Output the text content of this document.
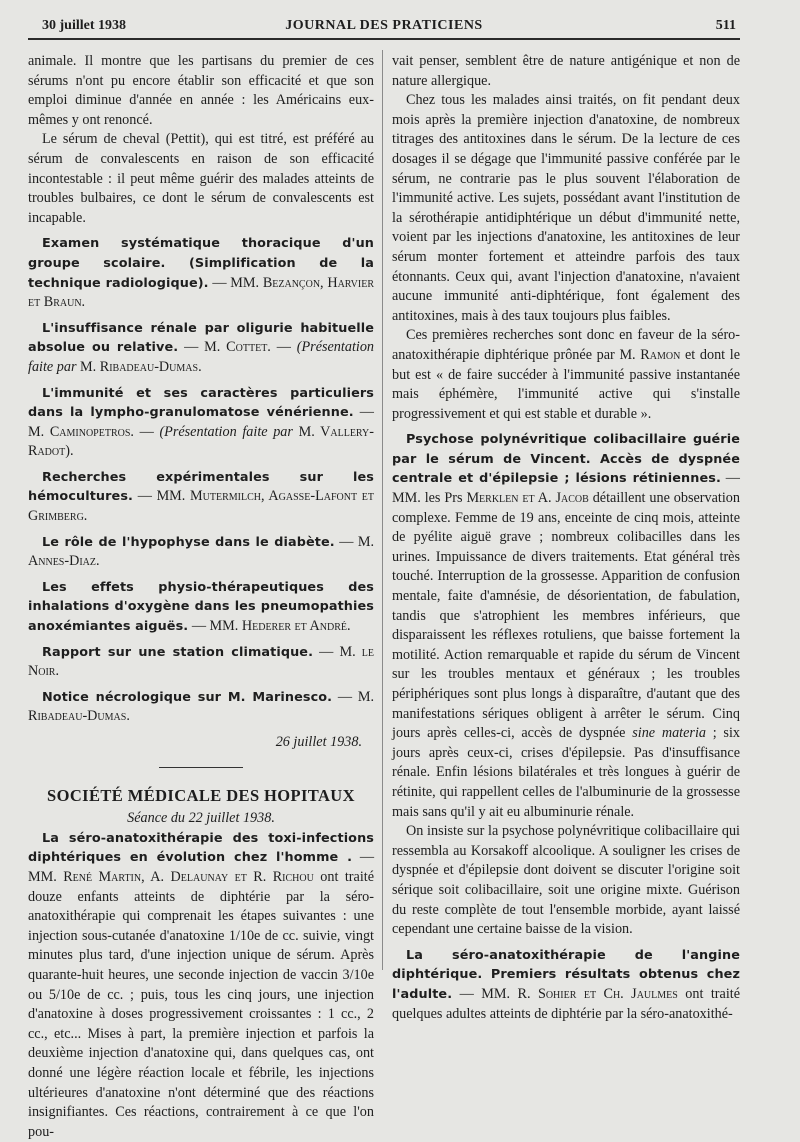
30 juillet 1938	JOURNAL DES PRATICIENS	511

animale. Il montre que les partisans du premier de ces sérums n'ont pu encore établir son efficacité et que son emploi diminue d'année en année : les Américains eux-mêmes y ont renoncé.

Le sérum de cheval (Pettit), qui est titré, est préféré au sérum de convalescents en raison de son efficacité incontestable : il peut même guérir des malades atteints de troubles bulbaires, ce dont le sérum de convalescents est incapable.

Examen systématique thoracique d'un groupe scolaire. (Simplification de la technique radiologique). — MM. Bezançon, Harvier et Braun.

L'insuffisance rénale par oligurie habituelle absolue ou relative. — M. Cottet. — (Présentation faite par M. Ribadeau-Dumas.

L'immunité et ses caractères particuliers dans la lympho-granulomatose vénérienne. — M. Caminopetros. — (Présentation faite par M. Vallery-Radot).

Recherches expérimentales sur les hémocultures. — MM. Mutermilch, Agasse-Lafont et Grimberg.

Le rôle de l'hypophyse dans le diabète. — M. Annes-Diaz.

Les effets physio-thérapeutiques des inhalations d'oxygène dans les pneumopathies anoxémiantes aiguës. — MM. Hederer et André.

Rapport sur une station climatique. — M. le Noir.

Notice nécrologique sur M. Marinesco. — M. Ribadeau-Dumas.

26 juillet 1938.

SOCIÉTÉ MÉDICALE DES HOPITAUX
Séance du 22 juillet 1938.

La séro-anatoxithérapie des toxi-infections diphtériques en évolution chez l'homme . — MM. René Martin, A. Delaunay et R. Richou ont traité douze enfants atteints de diphtérie par la séro-anatoxithérapie qui comprenait les étapes suivantes : une injection sous-cutanée d'anatoxine 1/10e de cc. suivie, vingt minutes plus tard, d'une injection unique de sérum. Après quarante-huit heures, une seconde injection de vaccin 3/10e ou 5/10e de cc. ; puis, tous les cinq jours, une injection d'anatoxine à doses progressivement croissantes : 1 cc., 2 cc., etc... Mises à part, la première injection et parfois la deuxième injection d'anatoxine qui, dans quelques cas, ont donné une légère réaction locale et fébrile, les injections ultérieures d'anatoxine n'ont déterminé que des réactions insignifiantes. Ces réactions, contrairement à ce que l'on pou-

vait penser, semblent être de nature antigénique et non de nature allergique.

Chez tous les malades ainsi traités, on fit pendant deux mois après la première injection d'anatoxine, de nombreux titrages des antitoxines dans le sérum. De la lecture de ces dosages il se dégage que l'immunité passive conférée par le sérum, ne contrarie pas le plus souvent l'élaboration de l'immunité active. Les sujets, possédant avant l'institution de la sérothérapie antidiphtérique un début d'immunité nette, voient par les injections d'anatoxine, les antitoxines de leur sérum monter fortement et atteindre parfois des taux étonnants. Ceux qui, avant l'injection d'anatoxine, n'avaient aucune immunité anti-diphtérique, font également des antitoxines, mais à des taux toujours plus faibles.

Ces premières recherches sont donc en faveur de la séro-anatoxithérapie diphtérique prônée par M. Ramon et dont le but est « de faire succéder à l'immunité passive instantanée mais éphémère, l'immunité active qui s'installe progressivement et qui est stable et durable ».

Psychose polynévritique colibacillaire guérie par le sérum de Vincent. Accès de dyspnée centrale et d'épilepsie ; lésions rétiniennes. — MM. les Prs Merklen et A. Jacob détaillent une observation complexe. Femme de 19 ans, enceinte de cinq mois, atteinte de pyélite aiguë grave ; nombreux colibacilles dans les urines. Impuissance de divers traitements. Etat général très touché. Interruption de la grossesse. Apparition de confusion mentale, faite d'amnésie, de désorientation, de fabulation, tandis que s'atrophient les membres inférieurs, que disparaissent les réflexes rotuliens, que baisse fortement la motilité. Action remarquable et rapide du sérum de Vincent sur les troubles mentaux et généraux ; les troubles périphériques sont plus longs à disparaître, d'autant que des manifestations sériques obligent à arrêter le sérum. Cinq jours après celles-ci, accès de dyspnée sine materia ; six jours après ceux-ci, crises d'épilepsie. Pas d'insuffisance rénale. Enfin lésions bilatérales et très longues à guérir de rétinite, qui rappellent celles de l'albuminurie de la grossesse mais sans qu'il y ait eu albuminurie rénale.

On insiste sur la psychose polynévritique colibacillaire qui ressembla au Korsakoff alcoolique. A souligner les crises de dyspnée et d'épilepsie dont doivent se discuter l'origine soit sérique soit colibacillaire, soit une origine mixte. Guérison du reste complète de tout l'ensemble morbide, ayant laissé cependant une certaine baisse de la vision.

La séro-anatoxithérapie de l'angine diphtérique. Premiers résultats obtenus chez l'adulte. — MM. R. Sohier et Ch. Jaulmes ont traité quelques adultes atteints de diphtérie par la séro-anatoxithé-
